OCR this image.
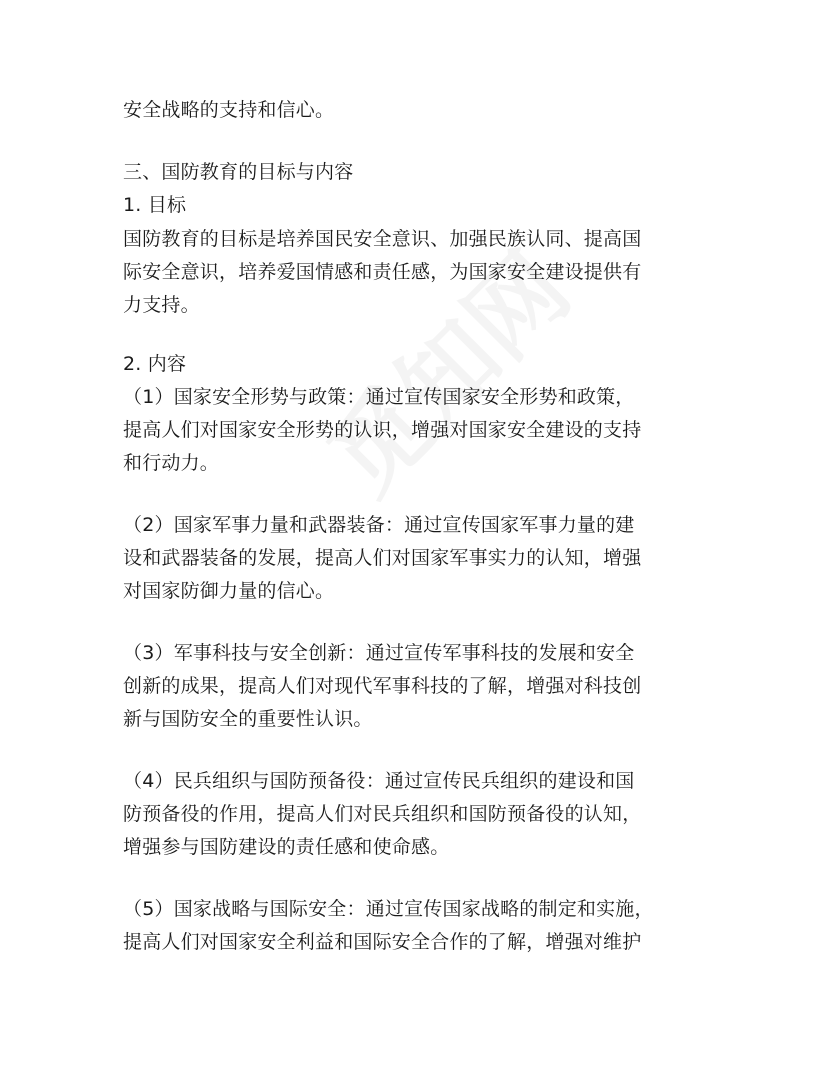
安全战略的支持和信心。
三、国防教育的目标与内容
1. 目标
国防教育的目标是培养国民安全意识、加强民族认同、提高国
际安全意识，培养爱国情感和责任感，为国家安全建设提供有
力支持。
2. 内容
（1）国家安全形势与政策：通过宣传国家安全形势和政策，
提高人们对国家安全形势的认识，增强对国家安全建设的支持
和行动力。
（2）国家军事力量和武器装备：通过宣传国家军事力量的建
设和武器装备的发展，提高人们对国家军事实力的认知，增强
对国家防御力量的信心。
（3）军事科技与安全创新：通过宣传军事科技的发展和安全
创新的成果，提高人们对现代军事科技的了解，增强对科技创
新与国防安全的重要性认识。
（4）民兵组织与国防预备役：通过宣传民兵组织的建设和国
防预备役的作用，提高人们对民兵组织和国防预备役的认知，
增强参与国防建设的责任感和使命感。
（5）国家战略与国际安全：通过宣传国家战略的制定和实施，
提高人们对国家安全利益和国际安全合作的了解，增强对维护
